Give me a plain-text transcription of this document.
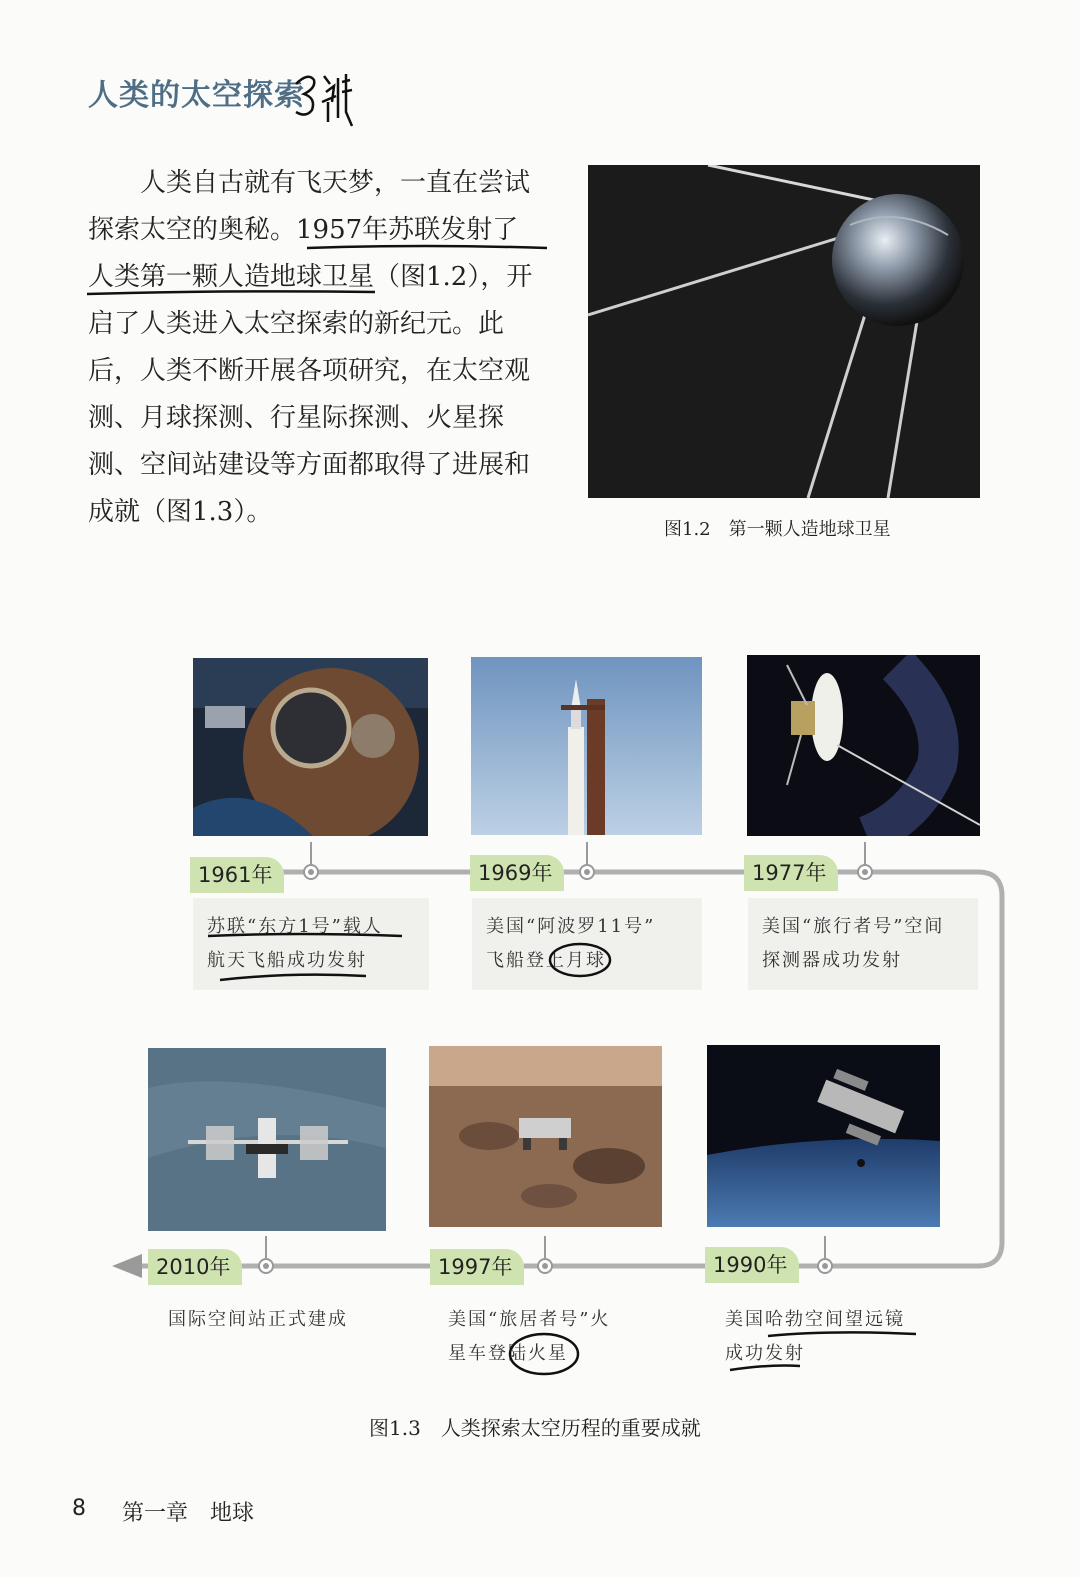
人类的太空探索
人类自古就有飞天梦，一直在尝试
探索太空的奥秘。1957年苏联发射了
人类第一颗人造地球卫星（图1.2），开
启了人类进入太空探索的新纪元。此
后，人类不断开展各项研究，在太空观
测、月球探测、行星际探测、火星探
测、空间站建设等方面都取得了进展和
成就（图1.3）。
图1.2　第一颗人造地球卫星
1961年	1969年	1977年
2010年	1997年	1990年
苏联“东方1号”载人
航天飞船成功发射
美国“阿波罗11号”
飞船登上月球
美国“旅行者号”空间
探测器成功发射
国际空间站正式建成	美国“旅居者号”火
星车登陆火星
美国哈勃空间望远镜
成功发射
图1.3　人类探索太空历程的重要成就
8 第一章　地球
